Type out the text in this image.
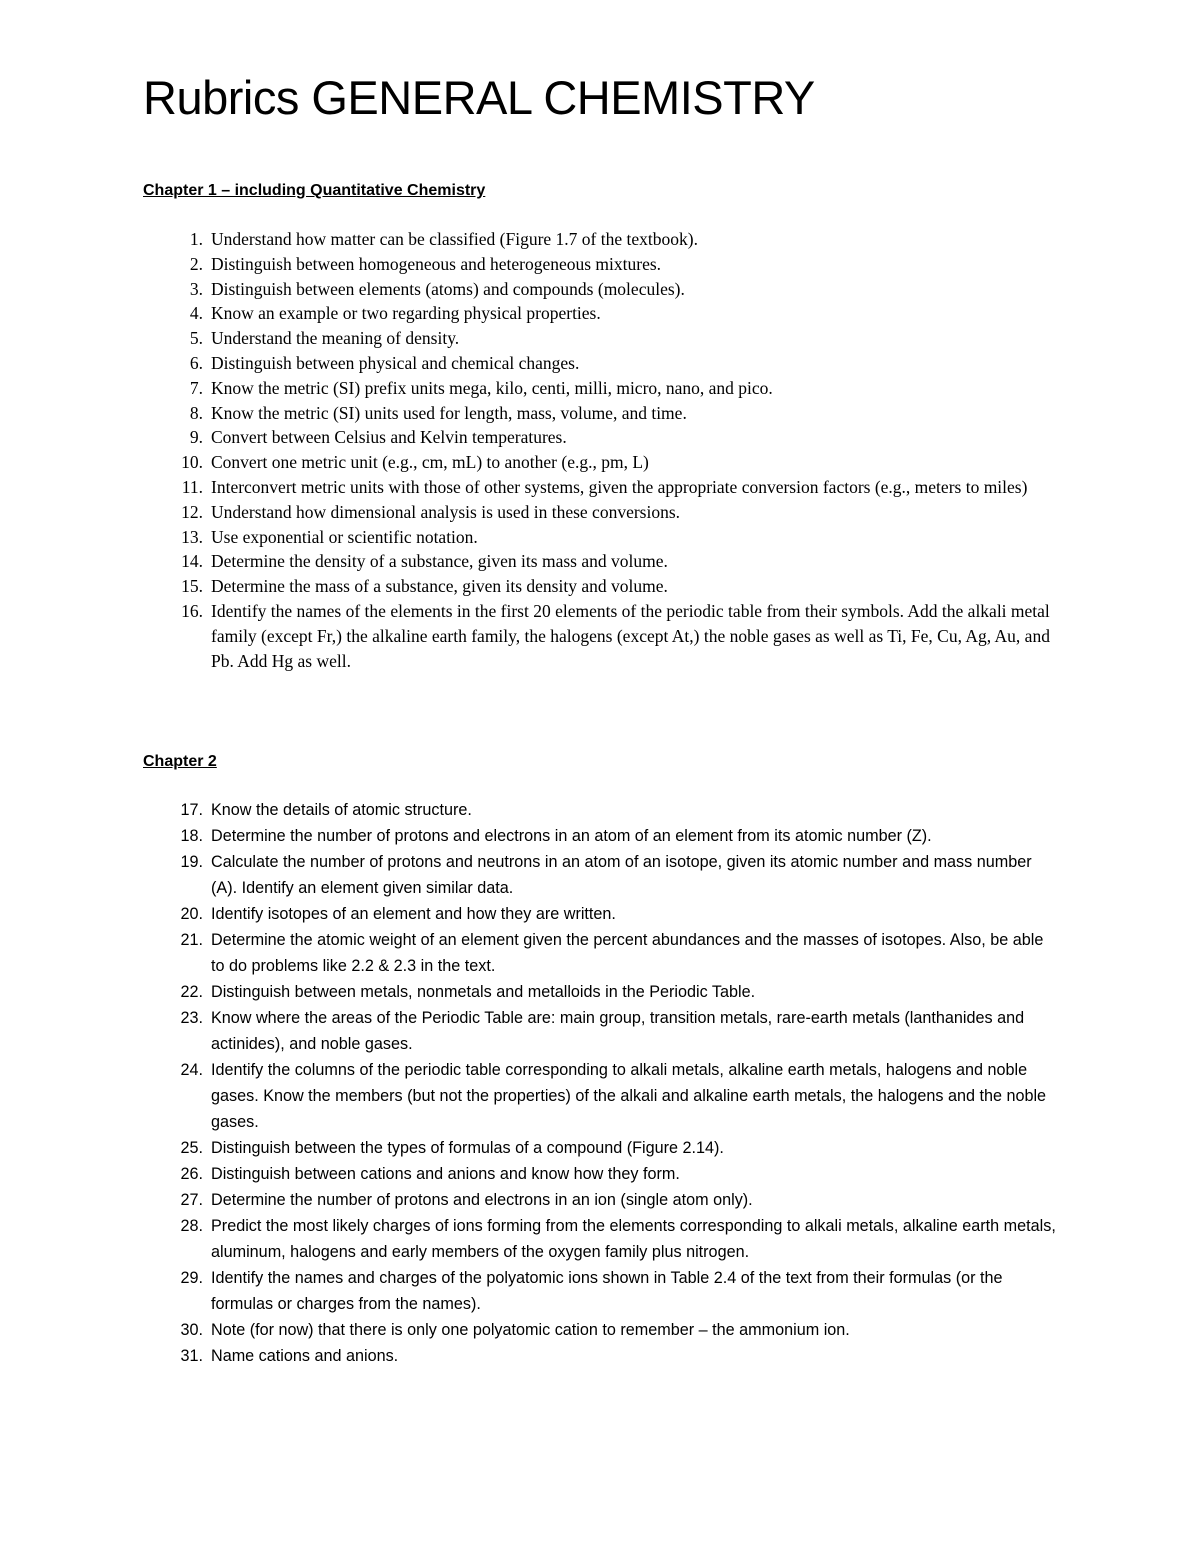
Rubrics GENERAL CHEMISTRY
Chapter 1 – including Quantitative Chemistry
1. Understand how matter can be classified (Figure 1.7 of the textbook).
2. Distinguish between homogeneous and heterogeneous mixtures.
3. Distinguish between elements (atoms) and compounds (molecules).
4. Know an example or two regarding physical properties.
5. Understand the meaning of density.
6. Distinguish between physical and chemical changes.
7. Know the metric (SI) prefix units mega, kilo, centi, milli, micro, nano, and pico.
8. Know the metric (SI) units used for length, mass, volume, and time.
9. Convert between Celsius and Kelvin temperatures.
10. Convert one metric unit (e.g., cm, mL) to another (e.g., pm, L)
11. Interconvert metric units with those of other systems, given the appropriate conversion factors (e.g., meters to miles)
12. Understand how dimensional analysis is used in these conversions.
13. Use exponential or scientific notation.
14. Determine the density of a substance, given its mass and volume.
15. Determine the mass of a substance, given its density and volume.
16. Identify the names of the elements in the first 20 elements of the periodic table from their symbols. Add the alkali metal family (except Fr,) the alkaline earth family, the halogens (except At,) the noble gases as well as Ti, Fe, Cu, Ag, Au, and Pb. Add Hg as well.
Chapter 2
17. Know the details of atomic structure.
18. Determine the number of protons and electrons in an atom of an element from its atomic number (Z).
19. Calculate the number of protons and neutrons in an atom of an isotope, given its atomic number and mass number (A). Identify an element given similar data.
20. Identify isotopes of an element and how they are written.
21. Determine the atomic weight of an element given the percent abundances and the masses of isotopes. Also, be able to do problems like 2.2 & 2.3 in the text.
22. Distinguish between metals, nonmetals and metalloids in the Periodic Table.
23. Know where the areas of the Periodic Table are: main group, transition metals, rare-earth metals (lanthanides and actinides), and noble gases.
24. Identify the columns of the periodic table corresponding to alkali metals, alkaline earth metals, halogens and noble gases. Know the members (but not the properties) of the alkali and alkaline earth metals, the halogens and the noble gases.
25. Distinguish between the types of formulas of a compound (Figure 2.14).
26. Distinguish between cations and anions and know how they form.
27. Determine the number of protons and electrons in an ion (single atom only).
28. Predict the most likely charges of ions forming from the elements corresponding to alkali metals, alkaline earth metals, aluminum, halogens and early members of the oxygen family plus nitrogen.
29. Identify the names and charges of the polyatomic ions shown in Table 2.4 of the text from their formulas (or the formulas or charges from the names).
30. Note (for now) that there is only one polyatomic cation to remember – the ammonium ion.
31. Name cations and anions.
